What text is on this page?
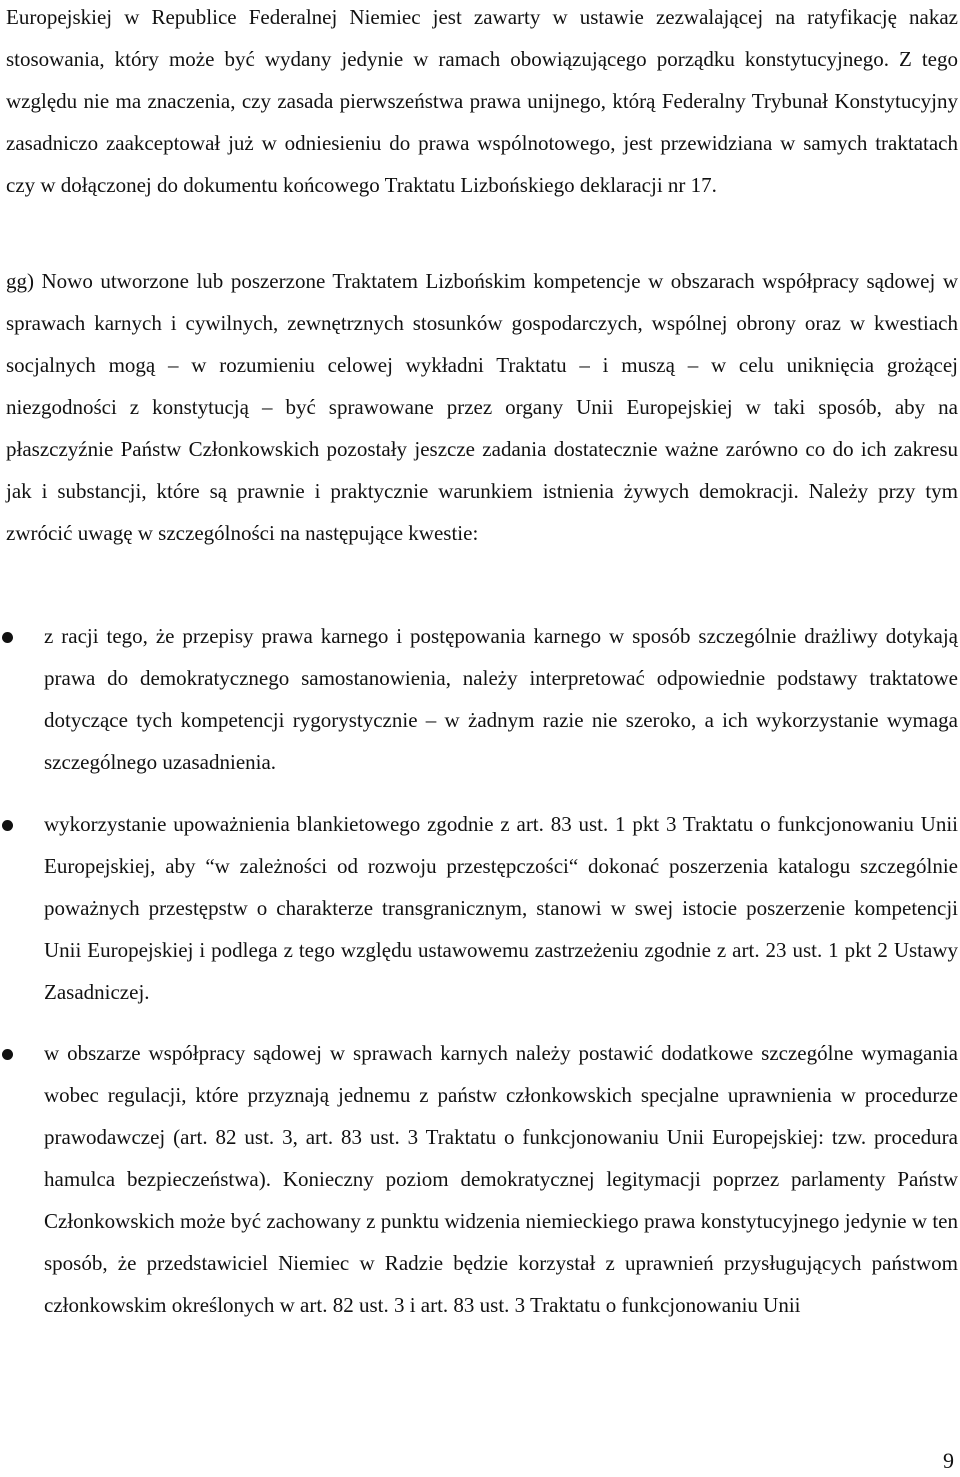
Europejskiej w Republice Federalnej Niemiec jest zawarty w ustawie zezwalającej na ratyfikację nakaz stosowania, który może być wydany jedynie w ramach obowiązującego porządku konstytucyjnego. Z tego względu nie ma znaczenia, czy zasada pierwszeństwa prawa unijnego, którą Federalny Trybunał Konstytucyjny zasadniczo zaakceptował już w odniesieniu do prawa wspólnotowego, jest przewidziana w samych traktatach czy w dołączonej do dokumentu końcowego Traktatu Lizbońskiego deklaracji nr 17.

gg) Nowo utworzone lub poszerzone Traktatem Lizbońskim kompetencje w obszarach współpracy sądowej w sprawach karnych i cywilnych, zewnętrznych stosunków gospodarczych, wspólnej obrony oraz w kwestiach socjalnych mogą – w rozumieniu celowej wykładni Traktatu – i muszą – w celu uniknięcia grożącej niezgodności z konstytucją – być sprawowane przez organy Unii Europejskiej w taki sposób, aby na płaszczyźnie Państw Członkowskich pozostały jeszcze zadania dostatecznie ważne zarówno co do ich zakresu jak i substancji, które są prawnie i praktycznie warunkiem istnienia żywych demokracji. Należy przy tym zwrócić uwagę w szczególności na następujące kwestie:

z racji tego, że przepisy prawa karnego i postępowania karnego w sposób szczególnie drażliwy dotykają prawa do demokratycznego samostanowienia, należy interpretować odpowiednie podstawy traktatowe dotyczące tych kompetencji rygorystycznie – w żadnym razie nie szeroko, a ich wykorzystanie wymaga szczególnego uzasadnienia.

wykorzystanie upoważnienia blankietowego zgodnie z art. 83 ust. 1 pkt 3 Traktatu o funkcjonowaniu Unii Europejskiej, aby “w zależności od rozwoju przestępczości“ dokonać poszerzenia katalogu szczególnie poważnych przestępstw o charakterze transgranicznym, stanowi w swej istocie poszerzenie kompetencji Unii Europejskiej i podlega z tego względu ustawowemu zastrzeżeniu zgodnie z art. 23 ust. 1 pkt 2 Ustawy Zasadniczej.

w obszarze współpracy sądowej w sprawach karnych należy postawić dodatkowe szczególne wymagania wobec regulacji, które przyznają jednemu z państw członkowskich specjalne uprawnienia w procedurze prawodawczej (art. 82 ust. 3, art. 83 ust. 3 Traktatu o funkcjonowaniu Unii Europejskiej: tzw. procedura hamulca bezpieczeństwa). Konieczny poziom demokratycznej legitymacji poprzez parlamenty Państw Członkowskich może być zachowany z punktu widzenia niemieckiego prawa konstytucyjnego jedynie w ten sposób, że przedstawiciel Niemiec w Radzie będzie korzystał z uprawnień przysługujących państwom członkowskim określonych w art. 82 ust. 3 i art. 83 ust. 3 Traktatu o funkcjonowaniu Unii

9
